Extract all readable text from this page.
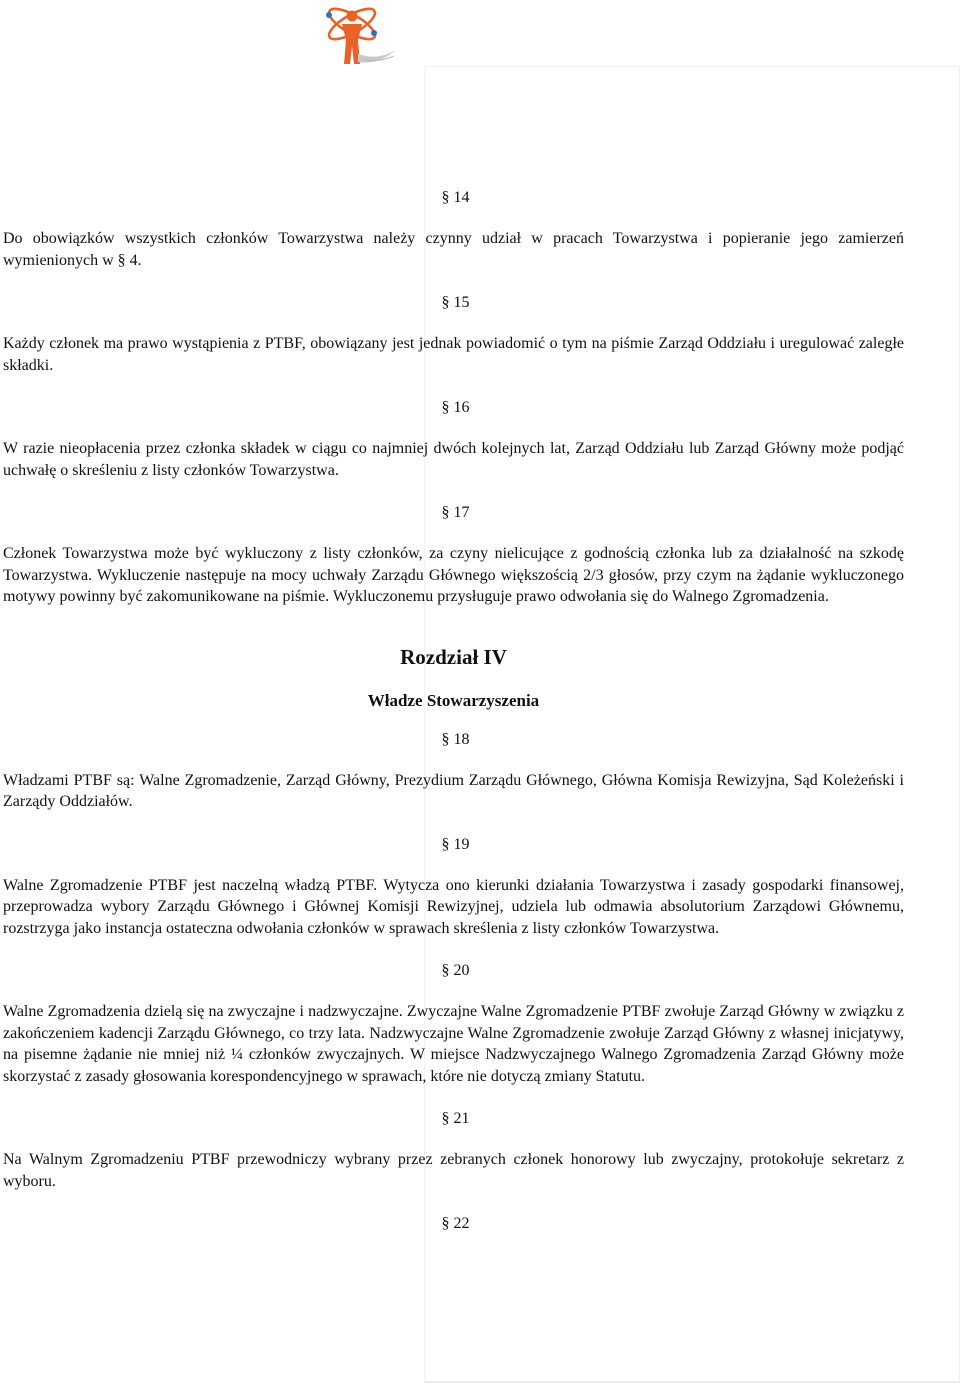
§ 14

Do obowiązków wszystkich członków Towarzystwa należy czynny udział w pracach Towarzystwa i popieranie jego zamierzeń wymienionych w § 4.

§ 15

Każdy członek ma prawo wystąpienia z PTBF, obowiązany jest jednak powiadomić o tym na piśmie Zarząd Oddziału i uregulować zaległe składki.

§ 16

W razie nieopłacenia przez członka składek w ciągu co najmniej dwóch kolejnych lat, Zarząd Oddziału lub Zarząd Główny może podjąć uchwałę o skreśleniu z listy członków Towarzystwa.

§ 17

Członek Towarzystwa może być wykluczony z listy członków, za czyny nielicujące z godnością członka lub za działalność na szkodę Towarzystwa. Wykluczenie następuje na mocy uchwały Zarządu Głównego większością 2/3 głosów, przy czym na żądanie wykluczonego motywy powinny być zakomunikowane na piśmie. Wykluczonemu przysługuje prawo odwołania się do Walnego Zgromadzenia.

Rozdział IV

Władze Stowarzyszenia

§ 18

Władzami PTBF są: Walne Zgromadzenie, Zarząd Główny, Prezydium Zarządu Głównego, Główna Komisja Rewizyjna, Sąd Koleżeński i Zarządy Oddziałów.

§ 19

Walne Zgromadzenie PTBF jest naczelną władzą PTBF. Wytycza ono kierunki działania Towarzystwa i zasady gospodarki finansowej, przeprowadza wybory Zarządu Głównego i Głównej Komisji Rewizyjnej, udziela lub odmawia absolutorium Zarządowi Głównemu, rozstrzyga jako instancja ostateczna odwołania członków w sprawach skreślenia z listy członków Towarzystwa.

§ 20

Walne Zgromadzenia dzielą się na zwyczajne i nadzwyczajne. Zwyczajne Walne Zgromadzenie PTBF zwołuje Zarząd Główny w związku z zakończeniem kadencji Zarządu Głównego, co trzy lata. Nadzwyczajne Walne Zgromadzenie zwołuje Zarząd Główny z własnej inicjatywy, na pisemne żądanie nie mniej niż ¼ członków zwyczajnych. W miejsce Nadzwyczajnego Walnego Zgromadzenia Zarząd Główny może skorzystać z zasady głosowania korespondencyjnego w sprawach, które nie dotyczą zmiany Statutu.

§ 21

Na Walnym Zgromadzeniu PTBF przewodniczy wybrany przez zebranych członek honorowy lub zwyczajny, protokołuje sekretarz z wyboru.

§ 22
